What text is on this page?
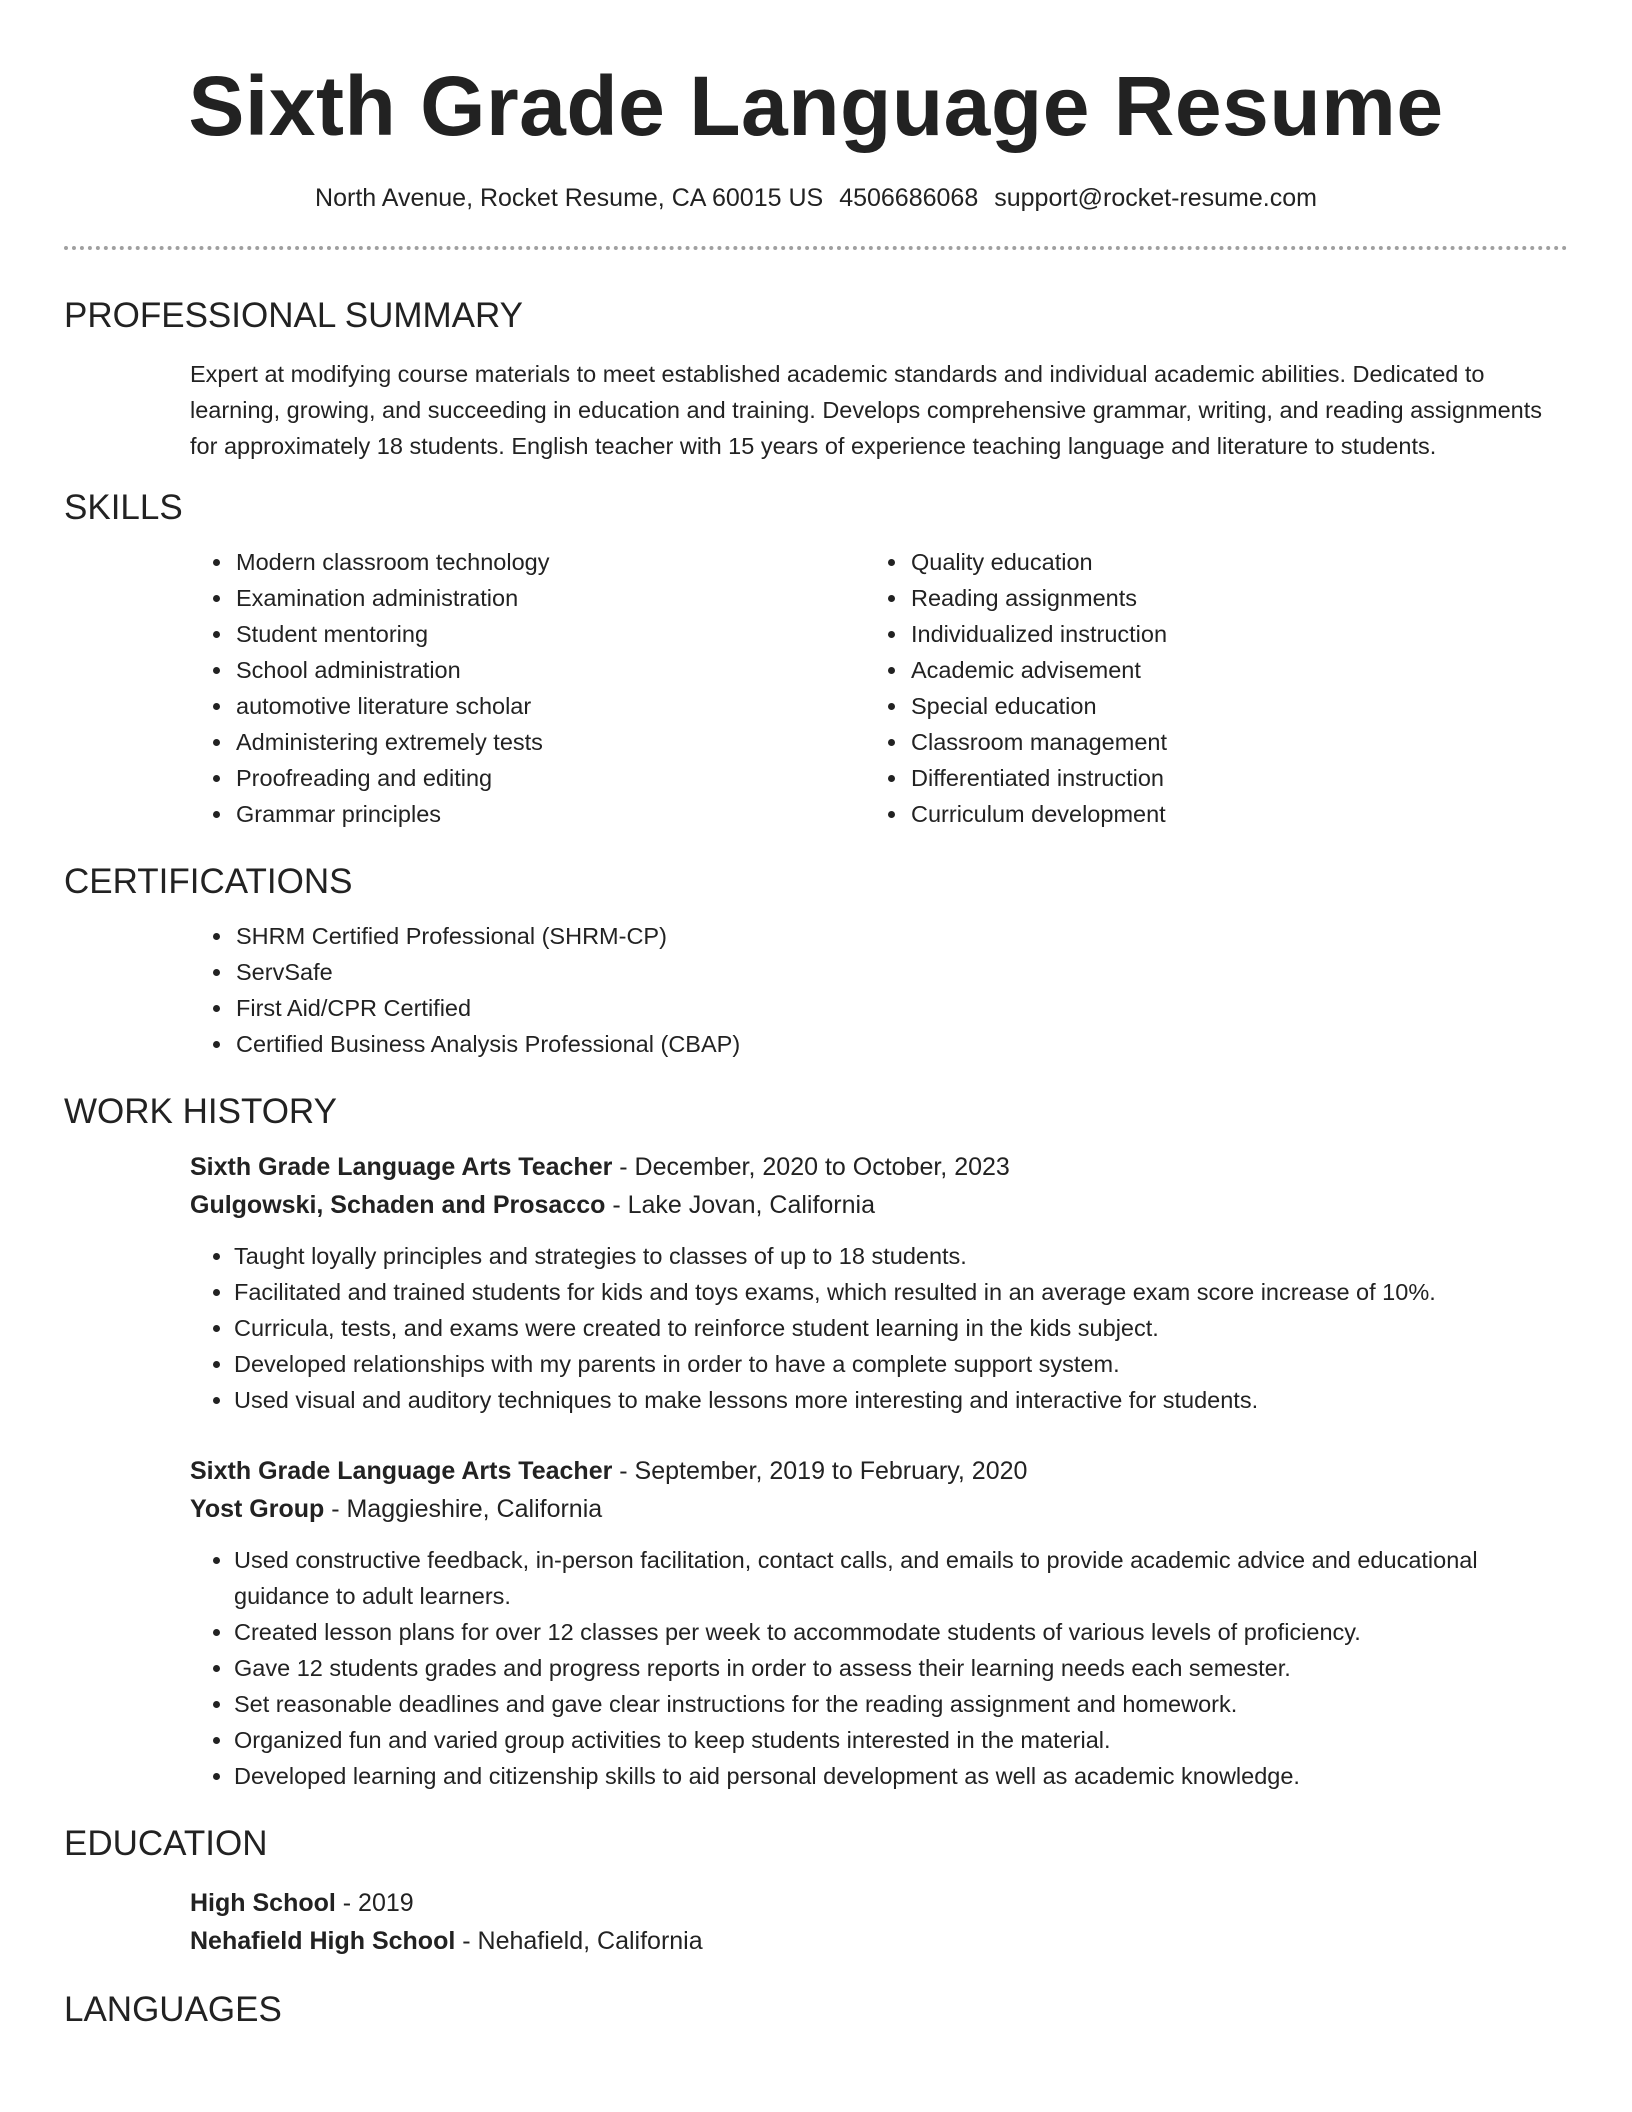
Sixth Grade Language Resume
North Avenue, Rocket Resume, CA 60015 US 4506686068 support@rocket-resume.com
PROFESSIONAL SUMMARY

Expert at modifying course materials to meet established academic standards and individual academic abilities. Dedicated to learning, growing, and succeeding in education and training. Develops comprehensive grammar, writing, and reading assignments for approximately 18 students. English teacher with 15 years of experience teaching language and literature to students.

SKILLS
• Modern classroom technology
• Examination administration
• Student mentoring
• School administration
• automotive literature scholar
• Administering extremely tests
• Proofreading and editing
• Grammar principles
• Quality education
• Reading assignments
• Individualized instruction
• Academic advisement
• Special education
• Classroom management
• Differentiated instruction
• Curriculum development
CERTIFICATIONS
• SHRM Certified Professional (SHRM-CP)
• ServSafe
• First Aid/CPR Certified
• Certified Business Analysis Professional (CBAP)
WORK HISTORY
Sixth Grade Language Arts Teacher - December, 2020 to October, 2023
Gulgowski, Schaden and Prosacco - Lake Jovan, California
• Taught loyally principles and strategies to classes of up to 18 students.
• Facilitated and trained students for kids and toys exams, which resulted in an average exam score increase of 10%.
• Curricula, tests, and exams were created to reinforce student learning in the kids subject.
• Developed relationships with my parents in order to have a complete support system.
• Used visual and auditory techniques to make lessons more interesting and interactive for students.
Sixth Grade Language Arts Teacher - September, 2019 to February, 2020
Yost Group - Maggieshire, California
• Used constructive feedback, in-person facilitation, contact calls, and emails to provide academic advice and educational guidance to adult learners.
• Created lesson plans for over 12 classes per week to accommodate students of various levels of proficiency.
• Gave 12 students grades and progress reports in order to assess their learning needs each semester.
• Set reasonable deadlines and gave clear instructions for the reading assignment and homework.
• Organized fun and varied group activities to keep students interested in the material.
• Developed learning and citizenship skills to aid personal development as well as academic knowledge.
EDUCATION
High School - 2019
Nehafield High School - Nehafield, California
LANGUAGES
